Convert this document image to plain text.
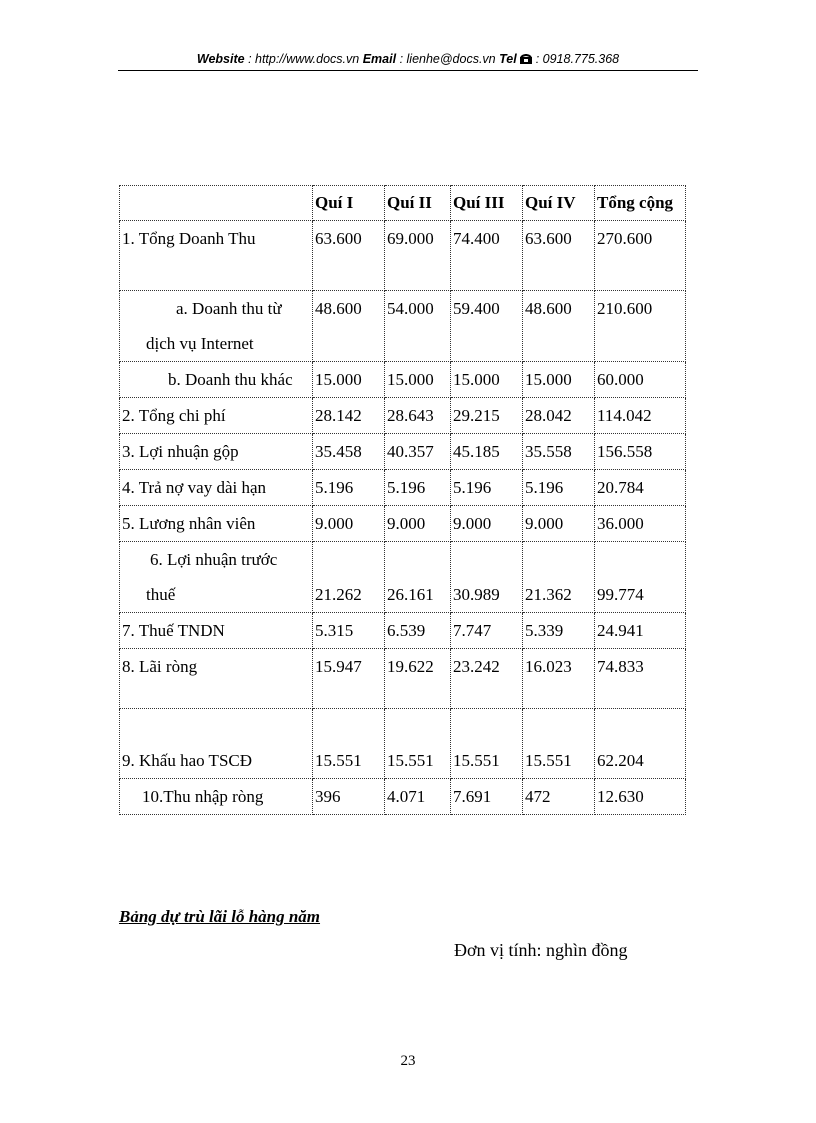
Website : http://www.docs.vn Email : lienhe@docs.vn Tel : 0918.775.368
	Quí I	Quí II	Quí III	Quí IV	Tổng cộng
1. Tổng Doanh Thu	63.600	69.000	74.400	63.600	270.600

a. Doanh thu từ
dịch vụ Internet	48.600	54.000	59.400	48.600	210.600
b. Doanh thu khác	15.000	15.000	15.000	15.000	60.000
2. Tổng chi phí	28.142	28.643	29.215	28.042	114.042
3. Lợi nhuận gộp	35.458	40.357	45.185	35.558	156.558
4. Trả nợ vay dài hạn	5.196	5.196	5.196	5.196	20.784
5. Lương nhân viên	9.000	9.000	9.000	9.000	36.000

6. Lợi nhuận trước
thuế	21.262	26.161	30.989	21.362	99.774
7. Thuế TNDN	5.315	6.539	7.747	5.339	24.941
8. Lãi ròng	15.947	19.622	23.242	16.023	74.833
9. Khấu hao TSCĐ	15.551	15.551	15.551	15.551	62.204
10.Thu nhập ròng	396	4.071	7.691	472	12.630
Bảng dự trù lãi lỗ hàng năm
Đơn vị tính: nghìn đồng
23
